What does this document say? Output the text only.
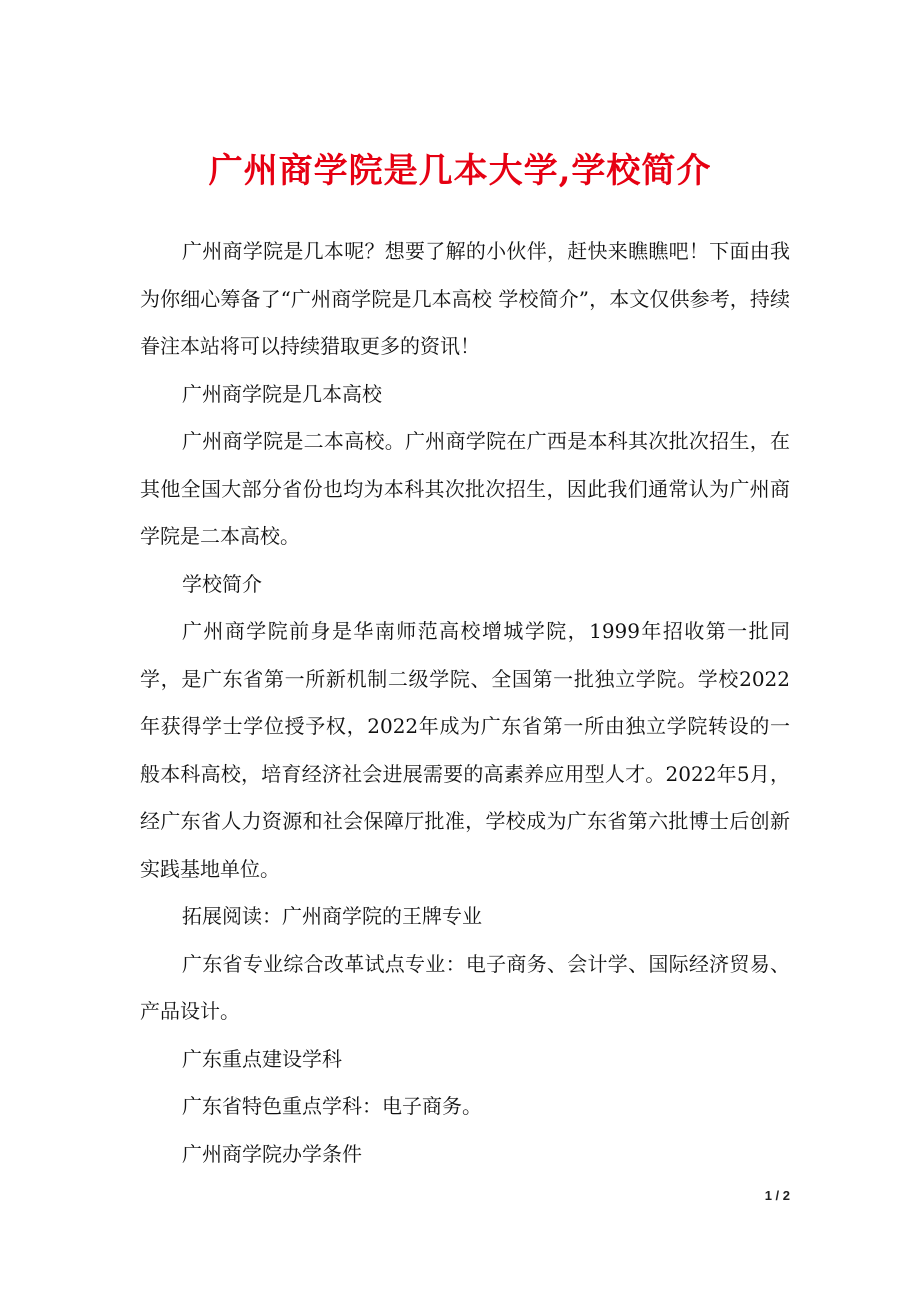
广州商学院是几本大学,学校简介

广州商学院是几本呢？想要了解的小伙伴，赶快来瞧瞧吧！下面由我为你细心筹备了“广州商学院是几本高校 学校简介”，本文仅供参考，持续眷注本站将可以持续猎取更多的资讯！

广州商学院是几本高校

广州商学院是二本高校。广州商学院在广西是本科其次批次招生，在其他全国大部分省份也均为本科其次批次招生，因此我们通常认为广州商学院是二本高校。

学校简介

广州商学院前身是华南师范高校增城学院，1999年招收第一批同学，是广东省第一所新机制二级学院、全国第一批独立学院。学校2022年获得学士学位授予权，2022年成为广东省第一所由独立学院转设的一般本科高校，培育经济社会进展需要的高素养应用型人才。2022年5月，经广东省人力资源和社会保障厅批准，学校成为广东省第六批博士后创新实践基地单位。

拓展阅读：广州商学院的王牌专业

广东省专业综合改革试点专业：电子商务、会计学、国际经济贸易、产品设计。

广东重点建设学科

广东省特色重点学科：电子商务。

广州商学院办学条件

1 / 2
